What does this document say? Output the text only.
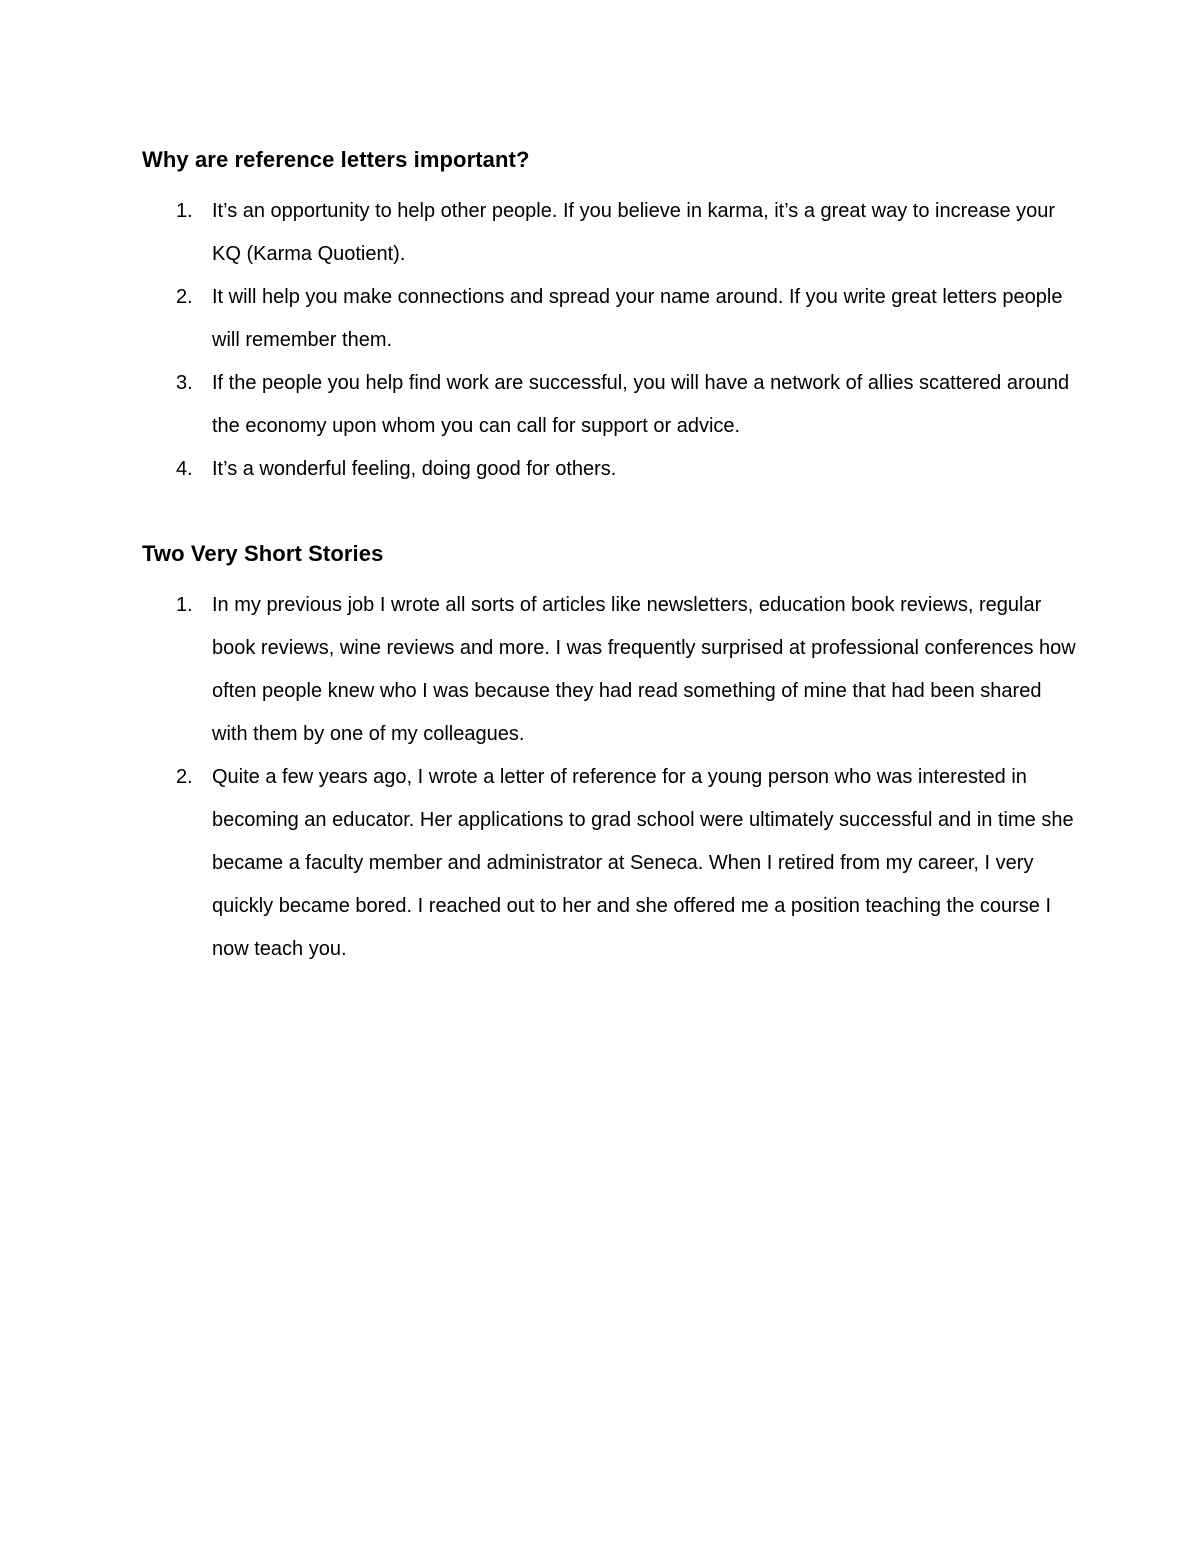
Why are reference letters important?
1. It’s an opportunity to help other people. If you believe in karma, it’s a great way to increase your KQ (Karma Quotient).
2. It will help you make connections and spread your name around. If you write great letters people will remember them.
3. If the people you help find work are successful, you will have a network of allies scattered around the economy upon whom you can call for support or advice.
4. It’s a wonderful feeling, doing good for others.
Two Very Short Stories
1. In my previous job I wrote all sorts of articles like newsletters, education book reviews, regular book reviews, wine reviews and more. I was frequently surprised at professional conferences how often people knew who I was because they had read something of mine that had been shared with them by one of my colleagues.
2. Quite a few years ago, I wrote a letter of reference for a young person who was interested in becoming an educator. Her applications to grad school were ultimately successful and in time she became a faculty member and administrator at Seneca. When I retired from my career, I very quickly became bored. I reached out to her and she offered me a position teaching the course I now teach you.
